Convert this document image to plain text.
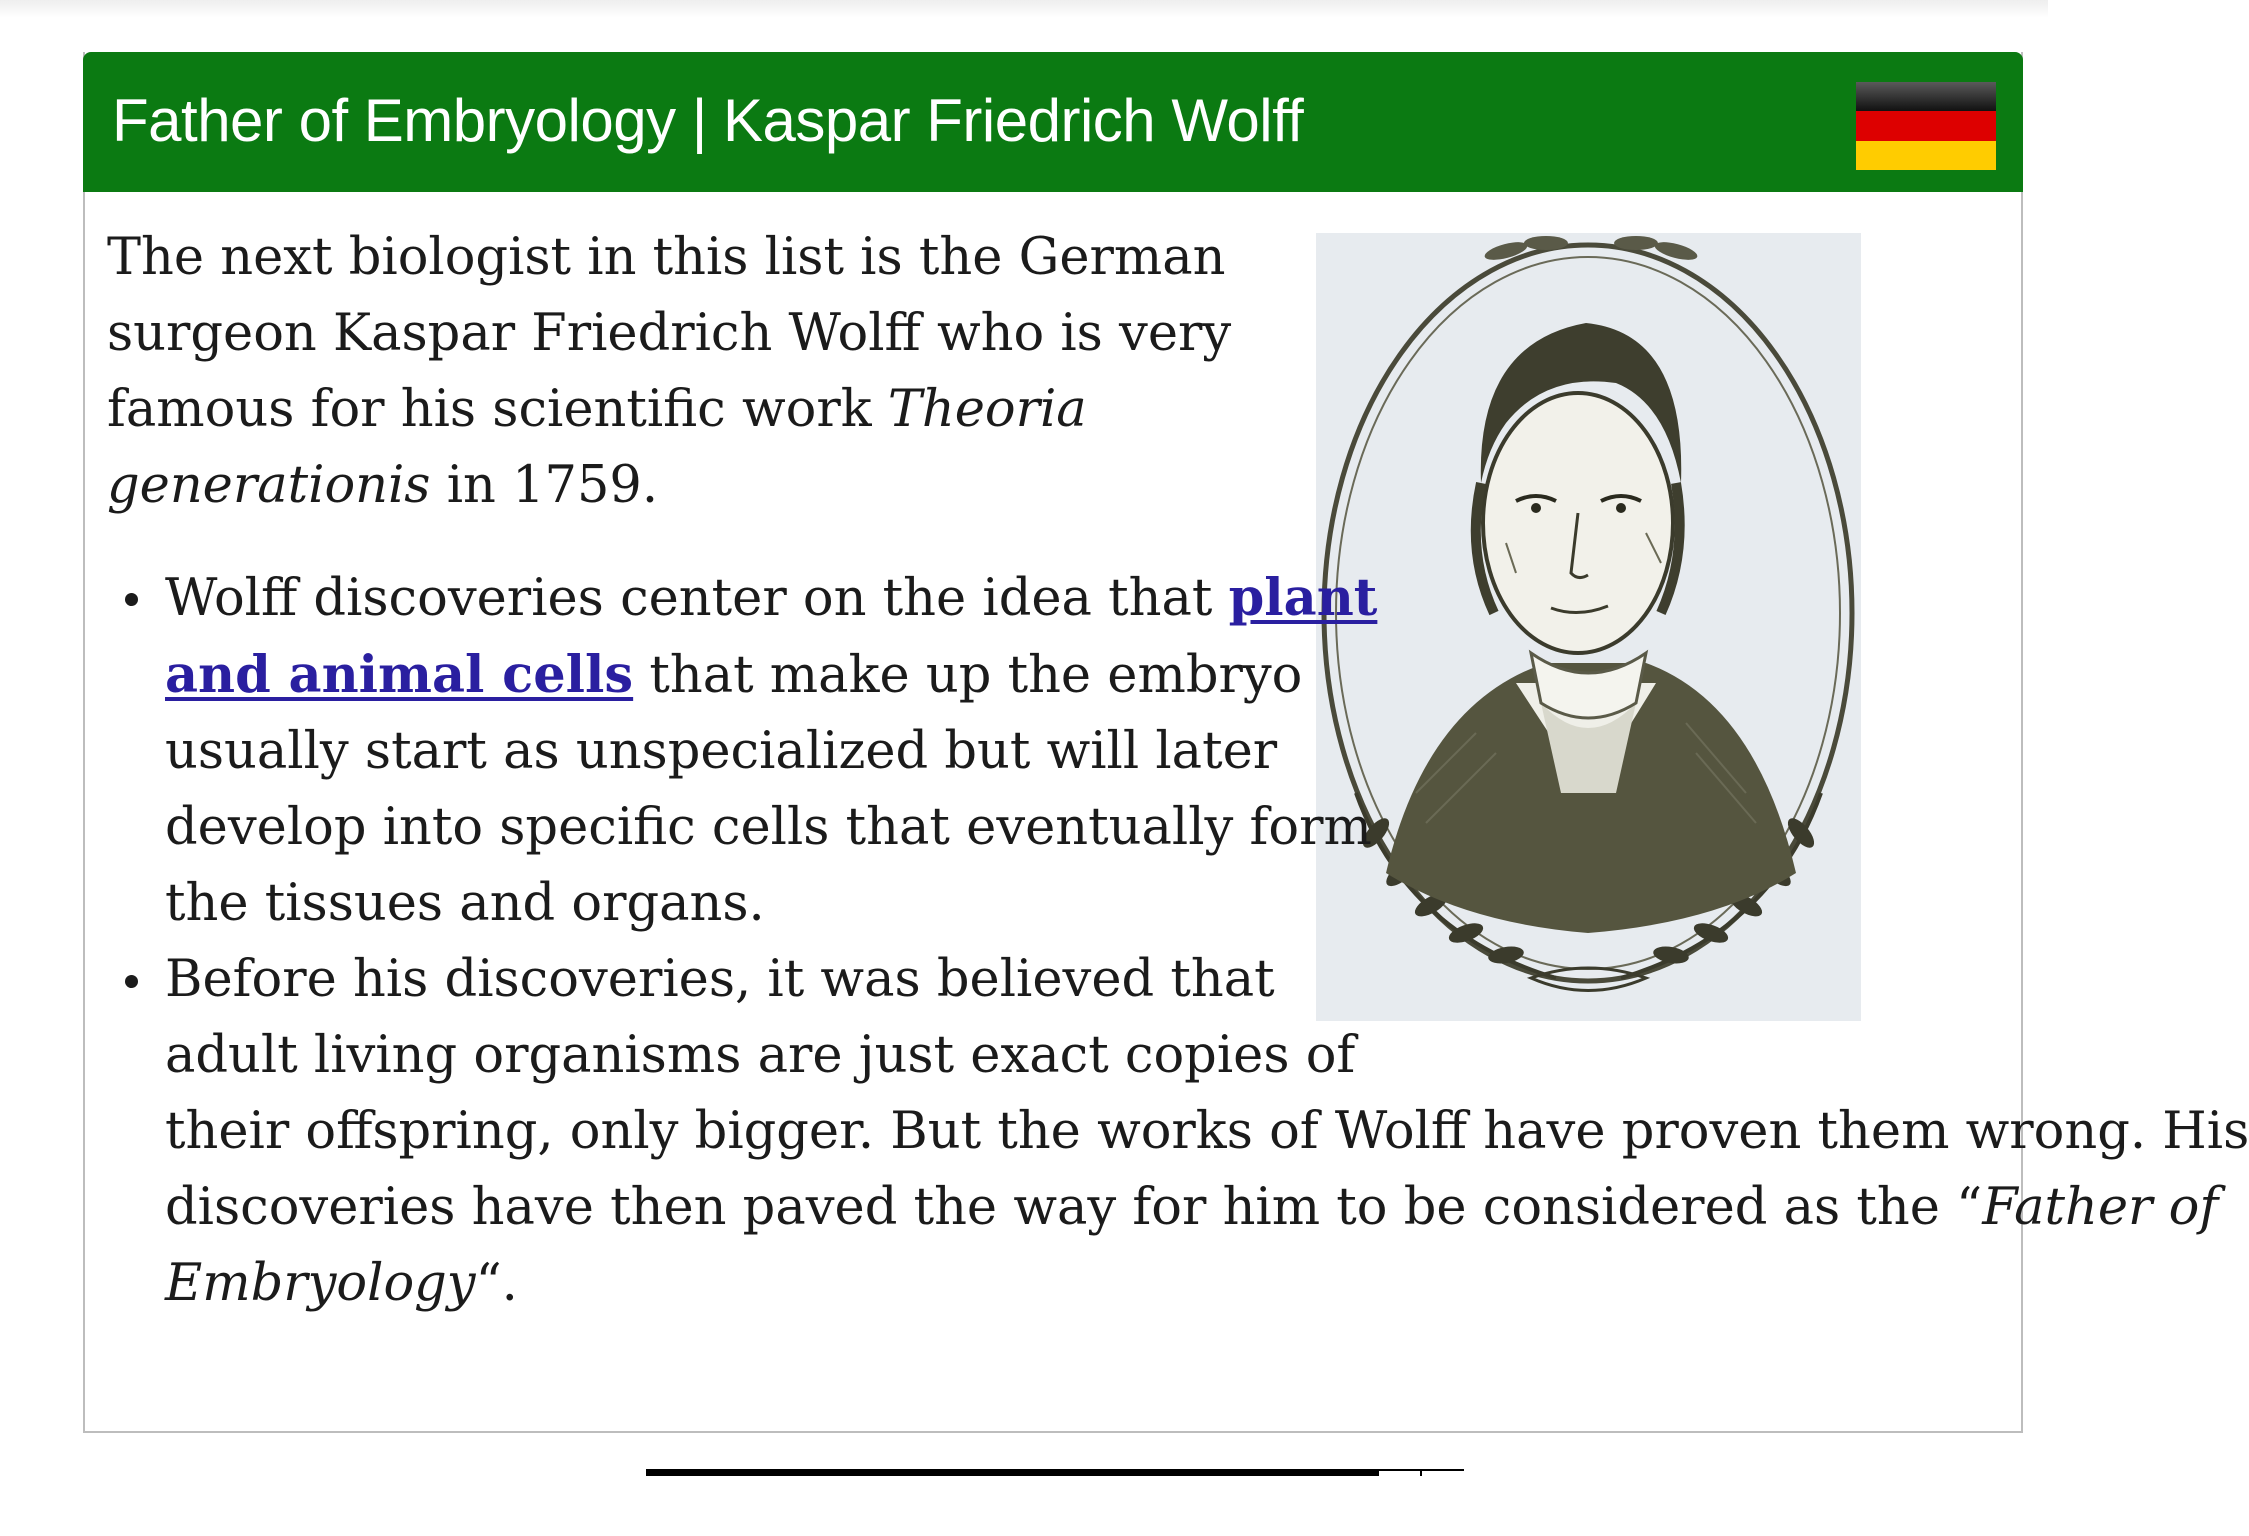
Father of Embryology | Kaspar Friedrich Wolff

The next biologist in this list is the German
surgeon Kaspar Friedrich Wolff who is very
famous for his scientific work Theoria
generationis in 1759.

Wolff discoveries center on the idea that plant
and animal cells that make up the embryo
usually start as unspecialized but will later
develop into specific cells that eventually form
the tissues and organs.
Before his discoveries, it was believed that
adult living organisms are just exact copies of
their offspring, only bigger. But the works of Wolff have proven them wrong. His
discoveries have then paved the way for him to be considered as the “Father of
Embryology“.
